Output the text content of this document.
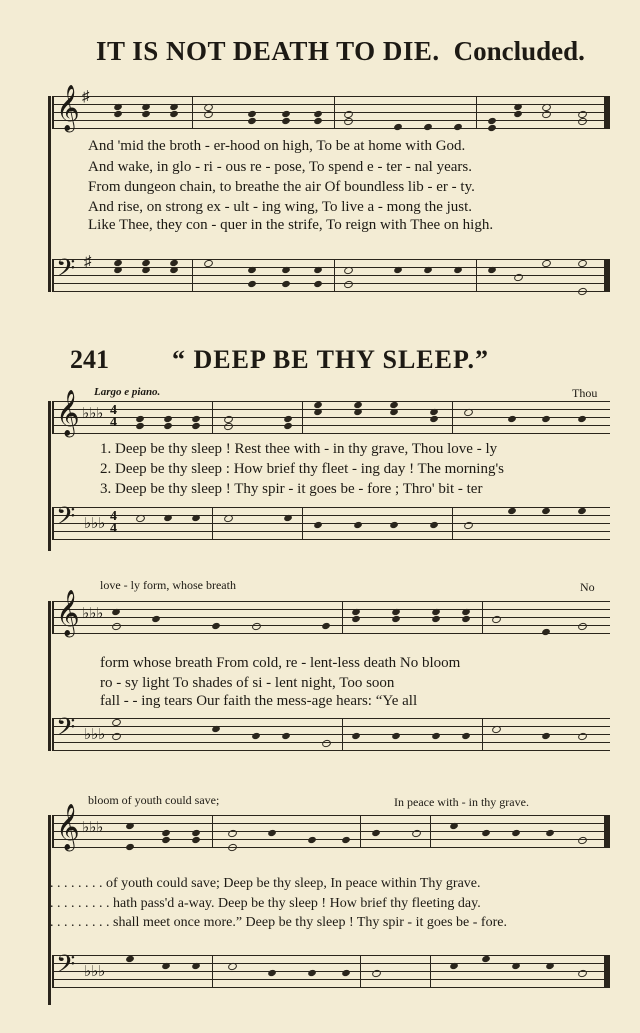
IT IS NOT DEATH TO DIE. Concluded.
𝄞 ♯
And 'mid the broth - er-hood on high, To be at home with God.
And wake, in glo - ri - ous re - pose, To spend e - ter - nal years.
From dungeon chain, to breathe the air Of boundless lib - er - ty.
And rise, on strong ex - ult - ing wing, To live a - mong the just.
Like Thee, they con - quer in the strife, To reign with Thee on high.
𝄢 ♯
241 “ DEEP BE THY SLEEP.”
Largo e piano.	Thou
𝄞 ♭♭♭ 4
4
1. Deep be thy sleep ! Rest thee with - in thy grave, Thou love - ly
2. Deep be thy sleep : How brief thy fleet - ing day ! The morning's
3. Deep be thy sleep ! Thy spir - it goes be - fore ; Thro' bit - ter
𝄢 ♭♭♭ 4
4
love - ly form, whose breath	No
𝄞 ♭♭♭
form whose breath From cold, re - lent-less death No bloom
ro - sy light To shades of si - lent night, Too soon
fall - - ing tears Our faith the mess-age hears: “Ye all
𝄢 ♭♭♭
bloom of youth could save;	In peace with - in thy grave.
𝄞 ♭♭♭
. . . . . . . . of youth could save; Deep be thy sleep, In peace within Thy grave.
. . . . . . . . . hath pass'd a-way. Deep be thy sleep ! How brief thy fleeting day.
. . . . . . . . . shall meet once more.” Deep be thy sleep ! Thy spir - it goes be - fore.
𝄢 ♭♭♭
